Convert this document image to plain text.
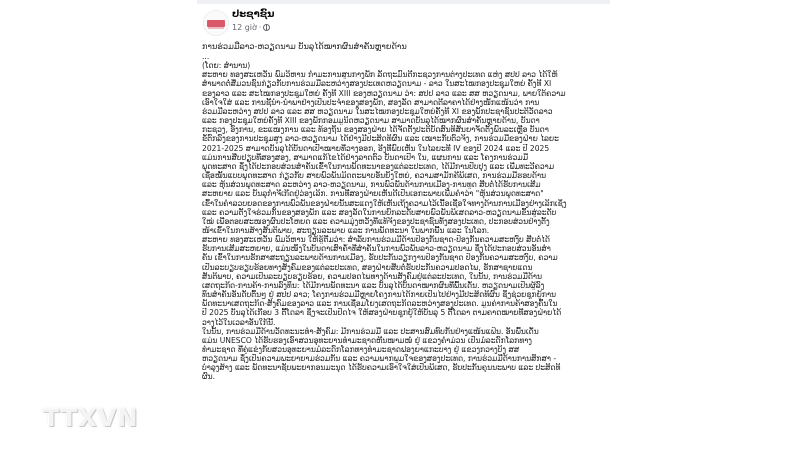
ປະຊາຊົນ
12 giờ ·

ການຮ່ວມມືລາວ-ຫວຽດນາມ ບັນລຸໄດ້ໝາກຜົນສຳຄັນຫຼາຍດ້ານ

...

(ໂດຍ: ສຳນານ)

ສະຫາຍ ທອງສະເຫວັນ ພົມວິຫານ ກຳມະການສູນກາງພັກ ລັດຖະມົນຕີກະຊວງການຕ່າງປະເທດ ແຫ່ງ ສປປ ລາວ ໄດ້ໃຫ້

ສຳພາດຕໍ່ສື່ມວນຊົນກ່ຽວກັບການຮ່ວມມືລະຫວ່າງສອງປະເທດຫວຽດນາມ - ລາວ ໃນສະໄໝກອງປະຊຸມໃຫຍ່ ຄັ້ງທີ XI

ຂອງລາວ ແລະ ສະໄໝກອງປະຊຸມໃຫຍ່ ຄັ້ງທີ XIII ຂອງຫວຽດນາມ ວ່າ: ສປປ ລາວ ແລະ ສສ ຫວຽດນາມ, ພາຍໃຕ້ຄວາມ

ເອົາໃຈໃສ່ ແລະ ການຊີ້ນຳ-ນຳພາຢ່າງເປັນປະຈຳຂອງສອງພັກ, ສອງລັດ ສາມາດຕີລາຄາໄດ້ຢ່າງໜັກແໜ້ນວ່າ ການ

ຮ່ວມມືລະຫວ່າງ ສປປ ລາວ ແລະ ສສ ຫວຽດນາມ ໃນສະໄໝກອງປະຊຸມໃຫຍ່ຄັ້ງທີ XI ຂອງພັກປະຊາຊົນປະຕິວັດລາວ

ແລະ ກອງປະຊຸມໃຫຍ່ຄັ້ງທີ XIII ຂອງພັກກອມມູນິດຫວຽດນາມ ສາມາດບັນລຸໄດ້ໝາກຜົນສຳຄັນຫຼາຍດ້ານ, ບັນດາ

ກະຊວງ, ອົງການ, ຂະແໜງການ ແລະ ທ້ອງຖິ່ນ ຂອງສອງຝ່າຍ ໄດ້ຈັດຕັ້ງປະຕິບັດສົນທິສັນຍາຈັດຕັ້ງພົນລະເຫຼືອ ບັນດາ

ຂໍ້ຕົກລົງຂອງການປະຊຸມສູງ ລາວ-ຫວຽດນາມ ໄດ້ຢ່າງມີປະສິດທິຜົນ ແລະ ເໝາະກັບຕົວຈິງ, ການຮ່ວມມືຂອງຝ່າຍ ໄລຍະ

2021-2025 ສາມາດບັນລຸໄດ້ບັນດາເປົ້າໝາຍທີ່ວາງອອກ, ອີງທີ່ພົບເຫັນ ໃນໄລຍະທີ IV ຂອງປີ 2024 ແລະ ປີ 2025

ແມ່ນການສືບປຽບທີ່ສອງສອງ, ສາມາດແກ້ໄຂໄດ້ຢ່າງລາດຕົວ ບັນດາເປົ້າ ໃນ, ແຜນການ ແລະ ໂຄງການຮ່ວມມື

ພຸດທະສາດ ຊຶ່ງໄດ້ປະກອບສ່ວນສຳຄັນເຂົ້າໃນການພັດທະນາຂອງແຕ່ລະປະເທດ, ໄດ້ມີການປັບປຸງ ແລະ ເພີ່ມທະວີຄວາມ

ເຊື່ອໝັ້ນແບບພຸດທະສາດ ກ່ຽວກັບ ສາຍພົວພັນມິດຕະພາບອັນຍິ່ງໃຫຍ່, ຄວາມສາມັກຄີພິເສດ, ການຮ່ວມມືຮອບດ້ານ

ແລະ ຫຸ້ນສ່ວນພຸດທະສາດ ລະຫວ່າງ ລາວ-ຫວຽດນາມ, ການພົວພັນດ້ານການເມືອງ-ການທູດ ສືບຕໍ່ໄດ້ຮັບການເສີມ

ສະຫຍາຍ ແລະ ບັນລຸກຳຈີເກີດຢູ່ວ່ອງເລິກ. ການທີ່ສອງຝ່າຍເຫັນດີເປັນເອກະພາບເພີ່ມຄຳວ່າ "ຫຸ້ນສ່ວນພຸດທະສາດ"

ເຂົ້າໃນຄຳລວບຍອດຂອງການພົວພັນຂອງຝ່າຍນັ້ນສະແດງໃຫ້ເຫັນເຖິງຄວາມໄວ້ເນື້ອເຊື່ອໃຈທາງດ້ານການເມືອງຢ່າງເລິກເຊິ່ງ

ແລະ ຄວາມຕັ້ງໃຈຮ່ວມກັນຂອງສອງພັກ ແລະ ສອງລັດໃນການຍົກລະດັບສາຍພົວພັນພິເສດລາວ-ຫວຽດນາມຂຶ້ນສູ່ລະດັບ

ໃໝ່ ເພື່ອຕອບສະໜອງຜົນປະໂຫຍດ ແລະ ຄວາມມຸ່ງຫວັງທີ່ແທ້ຈິງຂອງປະຊາຊົນທັງສອງປະເທດ, ປະກອບສ່ວນຢ່າງຕັ້ງ

ໜ້າເຂົ້າໃນການສ້າງສັນຕິພາບ, ສະຖຽນລະພາບ ແລະ ການພັດທະນາ ໃນພາກພື້ນ ແລະ ໃນໂລກ.

ສະຫາຍ ທອງສະເຫວັນ ພົມວິຫານ ໃຫ້ຮູ້ຕື່ມວ່າ: ສຳລັບການຮ່ວມມືດ້ານປ້ອງກັນຊາດ-ປ້ອງກັນຄວາມສະຫງົບ ສືບຕໍ່ໄດ້

ຮັບການເສີມສະຫຍາຍ, ແມ່ນໜຶ່ງໃນບັນດາເສົາຄ້ຳທີ່ສຳຄັນໃນການພົວພັນລາວ-ຫວຽດນາມ ຊຶ່ງໄດ້ປະກອບສ່ວນອັນສຳ

ຄັນ ເຂົ້າໃນການຮັກສາສະຖຽນລະພາບດ້ານການເມືອງ, ຮັບປະກັນວຽກງານປ້ອງກັນຊາດ ປ້ອງກັນຄວາມສະຫງົບ, ຄວາມ

ເປັນລະບຽບຮຽບຮ້ອຍທາງສັງຄົມຂອງແຕ່ລະປະເທດ, ສອງຝ່າຍສືບຕໍ່ຮັບປະກັນຄວາມປອດໄພ, ຮັກສາຊາຍແດນ

ສັນຕິພາບ, ຄວາມເປັນລະບຽບຮຽບຮ້ອຍ, ຄວາມປອດໄພທາງດ້ານສັງຄົມຢູ່ແຕ່ລະປະເທດ, ໃນນັ້ນ, ການຮ່ວມມືດ້ານ

ເສດຖະກິດ-ການຄ້າ-ການລົງທຶນ: ໄດ້ມີການພັດທະນາ ແລະ ບັນລຸໄດ້ບັນດາໝາກຜົນທີ່ພົ້ນເດັ່ນ. ຫວຽດນາມເປັນຜູ້ລົງ

ທຶນສຳຄັນອັນດັບຕົ້ນໆ ຢູ່ ສປປ ລາວ; ໂຄງການຮ່ວມມືຫຼາຍໂຄງການໄດ້ກາຍເປັນໄປຢ່າງມີປະສິດທິຜົນ ຊຶ່ງຊ່ວຍຊຸກຍູ້ການ

ພັດທະນາເສດຖະກິດ-ສັງຄົມຂອງລາວ ແລະ ການເຊື່ອມໂຍງເສດຖະກິດລະຫວ່າງສອງປະເທດ. ມູນຄ່າການຄ້າສອງຄົ້ນໃນ

ປີ 2025 ບັນລຸໄດ້ເກືອບ 3 ຕື້ໂດລາ ຊຶ່ງຈະເປັນປັດໄຈ ໃຫ້ສອງຝ່າຍຊຸກຍູ້ໃຫ້ບັນລຸ 5 ຕື້ໂດລາ ຕາມຄາດໝາຍທີ່ສອງຝ່າຍໄດ້

ວາງໄວ້ໃນເວລາອັນໃກ້ນີ້.

ໃນນັ້ນ, ການຮ່ວມມືດ້ານວັດທະນະທຳ-ສັງຄົມ: ມີການຮ່ວມມື ແລະ ປະສານສົມທົບກັນຢ່າງແໜ້ນແຟ້ນ. ອັນພົ້ນເດັ່ນ

ແມ່ນ UNESCO ໄດ້ຮັບຮອງເອົາສວນອຸທະຍານທຳມະຊາດຫີນໜາມໜໍ່ ຢູ່ ແຂວງຄຳມ່ວນ ເປັນມໍລະດົກໂລກທາງ

ທຳມະຊາດ ທີ່ຄູ່ແຂ່ງກັບສວນອຸທະຍານມໍລະດົກໂລກທາງທຳມະຊາດຟອງຍາແກະບາງ ຢູ່ ແຂວງກວາງບິງ ສສ

ຫວຽດນາມ ຊຶ່ງເປັນຄວາມພະຍາຍາມຮ່ວມກັນ ແລະ ຄວາມພາກພູມໃຈຂອງສອງປະເທດ, ການຮ່ວມມືດ້ານການສຶກສາ -

ບຳລຸງສ້າງ ແລະ ພັດທະນາຊັບພະຍາກອນມະນຸດ ໄດ້ຮັບຄວາມເອົາໃຈໃສ່ເປັນພິເສດ, ຮັບປະກັນຄຸນນະພາບ ແລະ ປະສິດທິ

ຜົນ.

TTXVN
